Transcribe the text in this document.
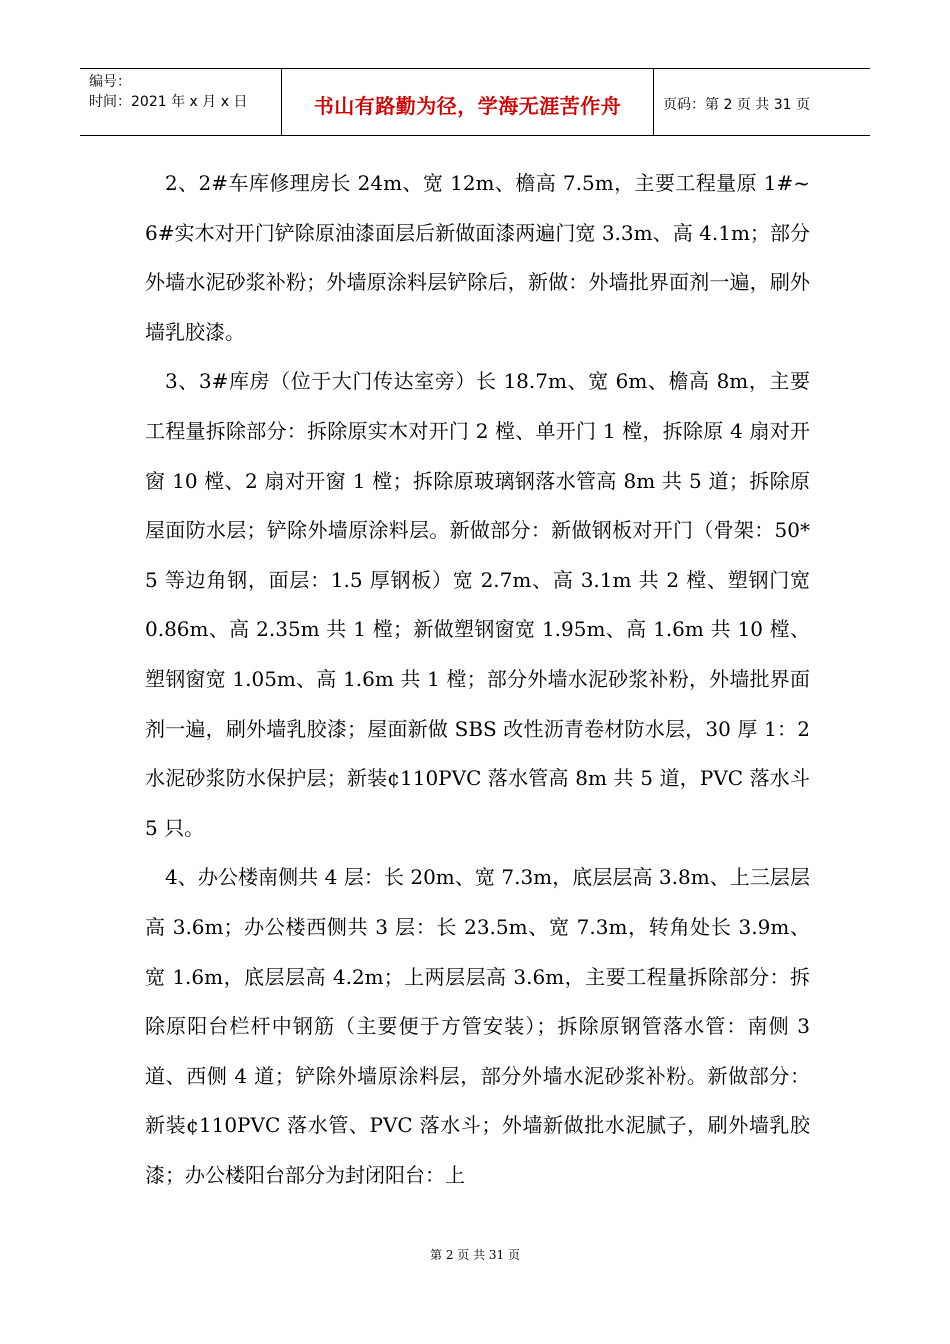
编号：
时间：2021 年 x 月 x 日	书山有路勤为径，学海无涯苦作舟	页码：第 2 页 共 31 页

2、2#车库修理房长 24m、宽 12m、檐高 7.5m，主要工程量原 1#~6#实木对开门铲除原油漆面层后新做面漆两遍门宽 3.3m、高 4.1m；部分外墙水泥砂浆补粉；外墙原涂料层铲除后，新做：外墙批界面剂一遍，刷外墙乳胶漆。

3、3#库房（位于大门传达室旁）长 18.7m、宽 6m、檐高 8m，主要工程量拆除部分：拆除原实木对开门 2 樘、单开门 1 樘，拆除原 4 扇对开窗 10 樘、2 扇对开窗 1 樘；拆除原玻璃钢落水管高 8m 共 5 道；拆除原屋面防水层；铲除外墙原涂料层。新做部分：新做钢板对开门（骨架：50*5 等边角钢，面层：1.5 厚钢板）宽 2.7m、高 3.1m 共 2 樘、塑钢门宽 0.86m、高 2.35m 共 1 樘；新做塑钢窗宽 1.95m、高 1.6m 共 10 樘、塑钢窗宽 1.05m、高 1.6m 共 1 樘；部分外墙水泥砂浆补粉，外墙批界面剂一遍，刷外墙乳胶漆；屋面新做 SBS 改性沥青卷材防水层，30 厚 1：2 水泥砂浆防水保护层；新装¢110PVC 落水管高 8m 共 5 道，PVC 落水斗 5 只。

4、办公楼南侧共 4 层：长 20m、宽 7.3m，底层层高 3.8m、上三层层高 3.6m；办公楼西侧共 3 层：长 23.5m、宽 7.3m，转角处长 3.9m、宽 1.6m，底层层高 4.2m；上两层层高 3.6m，主要工程量拆除部分：拆除原阳台栏杆中钢筋（主要便于方管安装）；拆除原钢管落水管：南侧 3 道、西侧 4 道；铲除外墙原涂料层，部分外墙水泥砂浆补粉。新做部分：新装¢110PVC 落水管、PVC 落水斗；外墙新做批水泥腻子，刷外墙乳胶漆；办公楼阳台部分为封闭阳台：上

第 2 页 共 31 页
